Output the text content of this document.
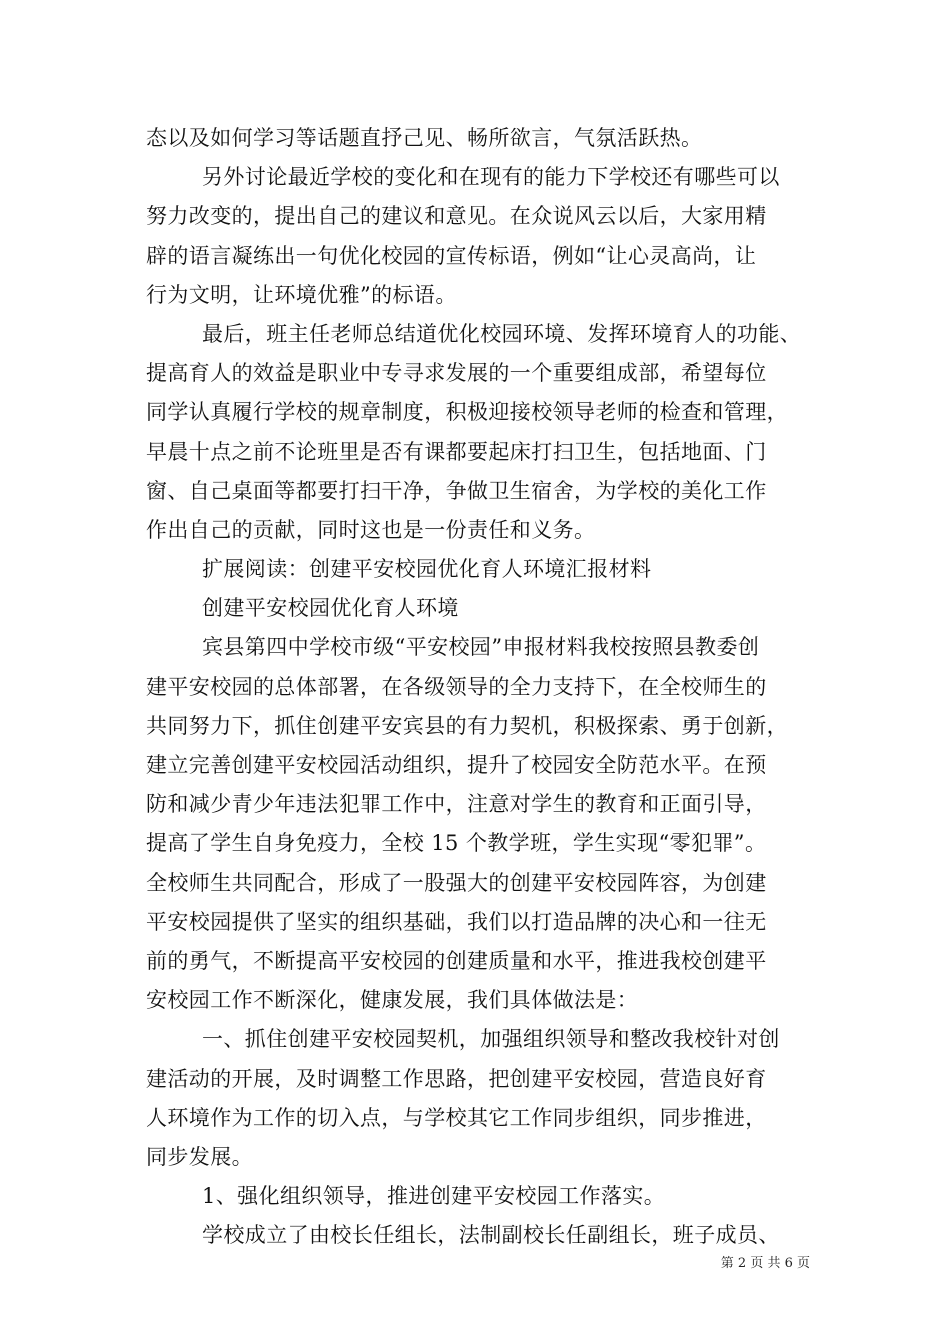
态以及如何学习等话题直抒己见、畅所欲言，气氛活跃热。
另外讨论最近学校的变化和在现有的能力下学校还有哪些可以
努力改变的，提出自己的建议和意见。在众说风云以后，大家用精
辟的语言凝练出一句优化校园的宣传标语，例如“让心灵高尚，让
行为文明，让环境优雅”的标语。
最后，班主任老师总结道优化校园环境、发挥环境育人的功能、
提高育人的效益是职业中专寻求发展的一个重要组成部，希望每位
同学认真履行学校的规章制度，积极迎接校领导老师的检查和管理，
早晨十点之前不论班里是否有课都要起床打扫卫生，包括地面、门
窗、自己桌面等都要打扫干净，争做卫生宿舍，为学校的美化工作
作出自己的贡献，同时这也是一份责任和义务。
扩展阅读：创建平安校园优化育人环境汇报材料
创建平安校园优化育人环境
宾县第四中学校市级“平安校园”申报材料我校按照县教委创
建平安校园的总体部署，在各级领导的全力支持下，在全校师生的
共同努力下，抓住创建平安宾县的有力契机，积极探索、勇于创新，
建立完善创建平安校园活动组织，提升了校园安全防范水平。在预
防和减少青少年违法犯罪工作中，注意对学生的教育和正面引导，
提高了学生自身免疫力，全校 15 个教学班，学生实现“零犯罪”。
全校师生共同配合，形成了一股强大的创建平安校园阵容，为创建
平安校园提供了坚实的组织基础，我们以打造品牌的决心和一往无
前的勇气，不断提高平安校园的创建质量和水平，推进我校创建平
安校园工作不断深化，健康发展，我们具体做法是：
一、抓住创建平安校园契机，加强组织领导和整改我校针对创
建活动的开展，及时调整工作思路，把创建平安校园，营造良好育
人环境作为工作的切入点，与学校其它工作同步组织，同步推进，
同步发展。
1、强化组织领导，推进创建平安校园工作落实。
学校成立了由校长任组长，法制副校长任副组长，班子成员、
第 2 页 共 6 页
